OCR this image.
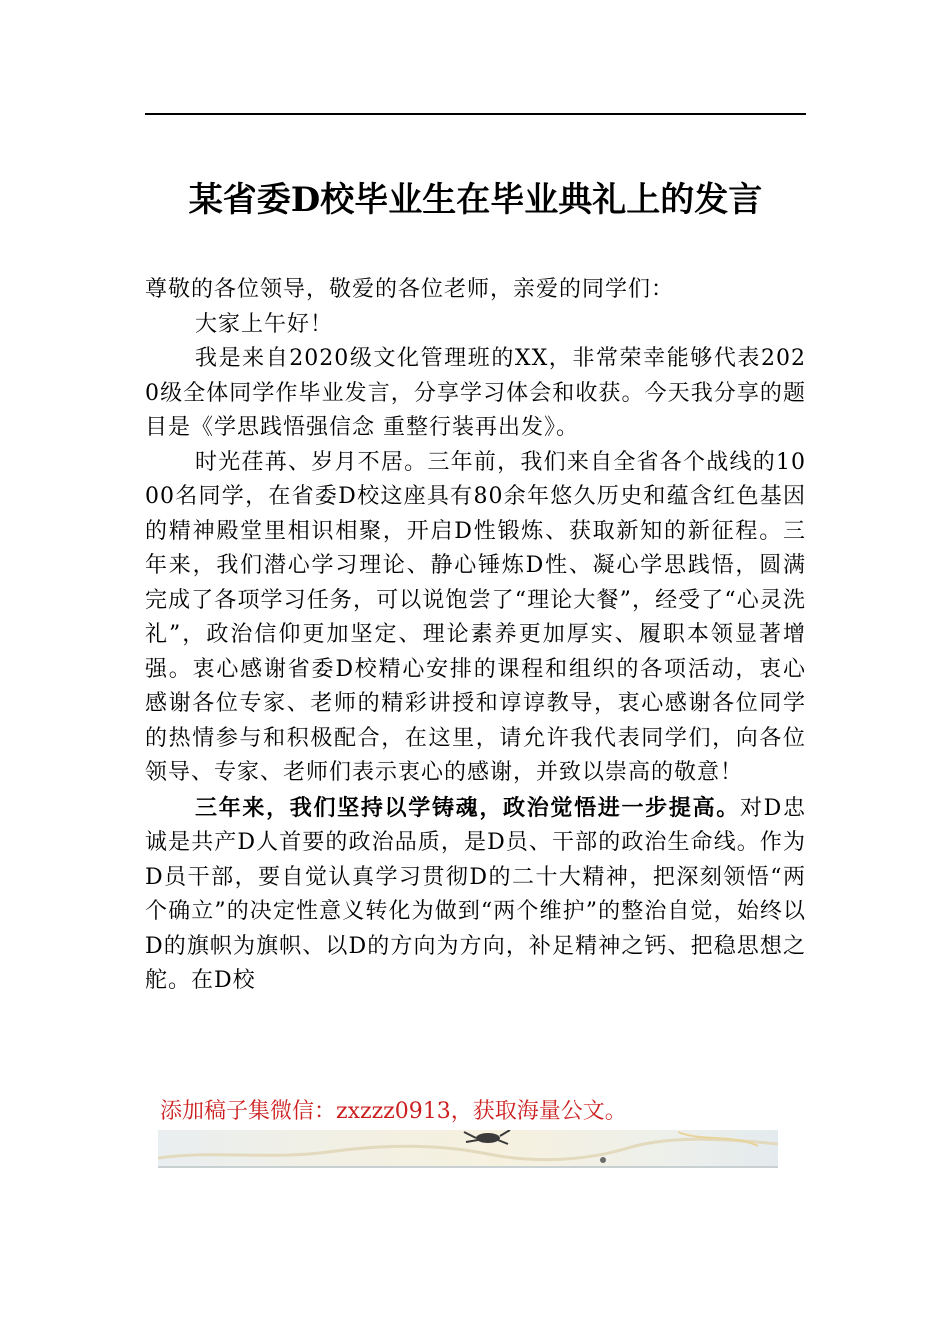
某省委D校毕业生在毕业典礼上的发言

尊敬的各位领导，敬爱的各位老师，亲爱的同学们：

大家上午好！

我是来自2020级文化管理班的XX，非常荣幸能够代表2020级全体同学作毕业发言，分享学习体会和收获。今天我分享的题目是《学思践悟强信念 重整行装再出发》。

时光荏苒、岁月不居。三年前，我们来自全省各个战线的1000名同学，在省委D校这座具有80余年悠久历史和蕴含红色基因的精神殿堂里相识相聚，开启D性锻炼、获取新知的新征程。三年来，我们潜心学习理论、静心锤炼D性、凝心学思践悟，圆满完成了各项学习任务，可以说饱尝了“理论大餐”，经受了“心灵洗礼”，政治信仰更加坚定、理论素养更加厚实、履职本领显著增强。衷心感谢省委D校精心安排的课程和组织的各项活动，衷心感谢各位专家、老师的精彩讲授和谆谆教导，衷心感谢各位同学的热情参与和积极配合，在这里，请允许我代表同学们，向各位领导、专家、老师们表示衷心的感谢，并致以崇高的敬意！

三年来，我们坚持以学铸魂，政治觉悟进一步提高。对D忠诚是共产D人首要的政治品质，是D员、干部的政治生命线。作为D员干部，要自觉认真学习贯彻D的二十大精神，把深刻领悟“两个确立”的决定性意义转化为做到“两个维护”的整治自觉，始终以D的旗帜为旗帜、以D的方向为方向，补足精神之钙、把稳思想之舵。在D校

添加稿子集微信：zxzzz0913，获取海量公文。
